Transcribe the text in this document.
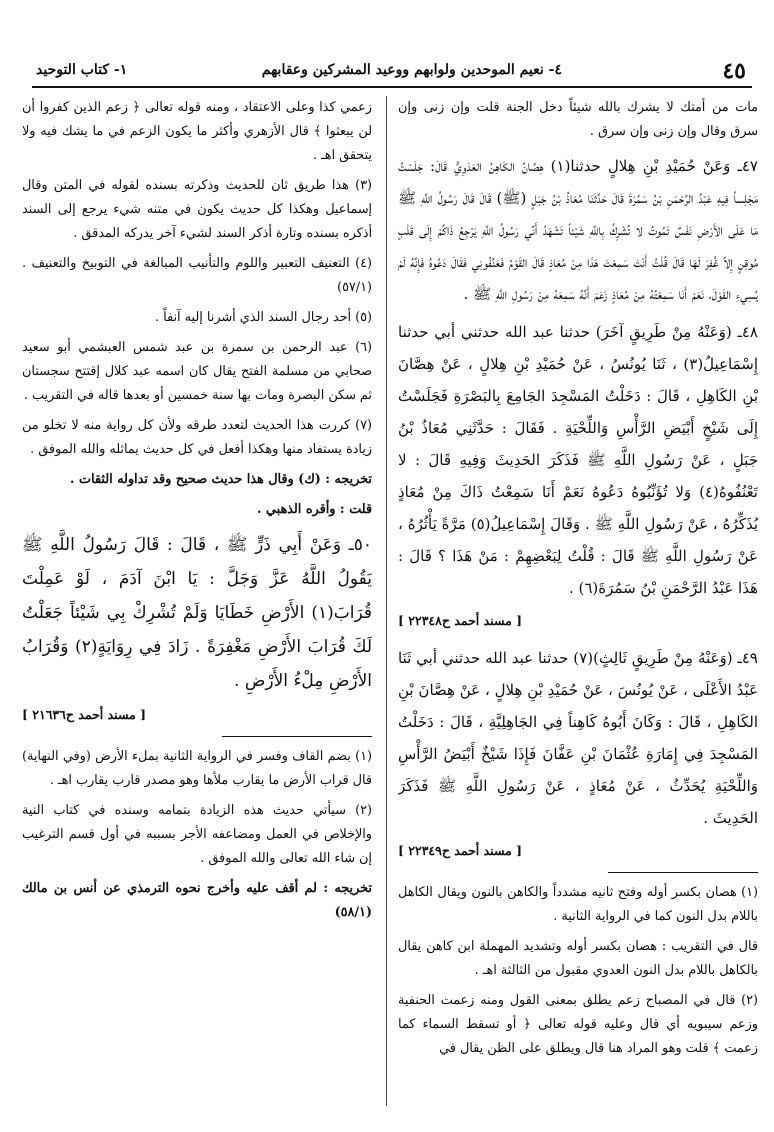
٤٥
٤- نعيم الموحدين ولوابهم ووعيد المشركين وعقابهم
١- كتاب التوحيد

مات من أمتك لا يشرك بالله شيئاً دخل الجنة قلت وإن زنى وإن سرق وقال وإن زنى وإن سرق .

٤٧ـ وَعَنْ حُمَيْدِ بْنِ هِلالٍ حدثنا(١) هِصَّانُ الكَاهِنُ العَدَوِيُّ قَالَ: جَلَسْتُ مَجْلِساً فِيهِ عَبْدُ الرَّحْمَنِ بْنُ سَمُرَةَ قَالَ حَدَّثَنَا مُعَاذُ بْنُ جَبَلٍ (ﷺ) قَالَ قَالَ رَسُولُ اللَّهِ ﷺ مَا عَلَى الأَرْضِ نَفْسٌ تَمُوتُ لا تُشْرِكُ بِاللَّهِ شَيْئاً تَشْهَدُ أَنِّي رَسُولُ اللَّهِ يَرْجِعُ ذَاكُمْ إِلَى قَلْبٍ مُوقِنٍ إِلاَّ غُفِرَ لَهَا قَالَ قُلْتُ أَنْتَ سَمِعْتَ هَذَا مِنْ مُعَاذٍ قَالَ القَوْمُ فَعَنَّفُونِي فَقَالَ دَعُوهُ فَإِنَّهُ لَمْ يُسِيءِ القَوْلَ، نَعَمْ أَنَا سَمِعْتُهُ مِنْ مُعَاذٍ زَعَمَ أَنَّهُ سَمِعَهُ مِنْ رَسُولِ اللَّهِ ﷺ .

٤٨ـ (وَعَنْهُ مِنْ طَرِيقٍ آخَرَ) حدثنا عبد الله حدثني أبي حدثنا إِسْمَاعِيلُ(٣) ، ثَنَا يُونُسُ ، عَنْ حُمَيْدِ بْنِ هِلالٍ ، عَنْ هِصَّانَ بْنِ الكَاهِلِ ، قَالَ : دَخَلْتُ المَسْجِدَ الجَامِعَ بِالبَصْرَةِ فَجَلَسْتُ إِلَى شَيْخٍ أَبْيَضِ الرَّأْسِ وَاللِّحْيَةِ . فَقَالَ : حَدَّثَنِي مُعَاذُ بْنُ جَبَلٍ ، عَنْ رَسُولِ اللَّهِ ﷺ فَذَكَرَ الحَدِيثَ وَفِيهِ قَالَ : لا تَعْنُفُوهُ(٤) وَلا تُؤَنِّبُوهُ دَعُوهُ نَعَمْ أَنَا سَمِعْتُ ذَاكَ مِنْ مُعَاذٍ يُذَكِّرُهُ ، عَنْ رَسُولِ اللَّهِ ﷺ . وَقَالَ إِسْمَاعِيلُ(٥) مَرَّةً يَأْثُرُهُ ، عَنْ رَسُولِ اللَّهِ ﷺ قَالَ : قُلْتُ لِبَعْضِهِمْ : مَنْ هَذَا ؟ قَالَ : هَذَا عَبْدُ الرَّحْمَنِ بْنُ سَمُرَةَ(٦) .

[ مسند أحمد ح٢٢٣٤٨ ]

٤٩ـ (وَعَنْهُ مِنْ طَرِيقٍ ثَالِثٍ)(٧) حدثنا عبد الله حدثني أبي ثَنَا عَبْدُ الأَعْلَى ، عَنْ يُونُسَ ، عَنْ حُمَيْدِ بْنِ هِلالٍ ، عَنْ هِصَّانَ بْنِ الكَاهِلِ ، قَالَ : وَكَانَ أَبُوهُ كَاهِناً فِي الجَاهِلِيَّةِ ، قَالَ : دَخَلْتُ المَسْجِدَ فِي إِمَارَةِ عُثْمَانَ بْنِ عَفَّانَ فَإِذَا شَيْخٌ أَبْيَضُ الرَّأْسِ وَاللِّحْيَةِ يُحَدِّثُ ، عَنْ مُعَاذٍ ، عَنْ رَسُولِ اللَّهِ ﷺ فَذَكَرَ الحَدِيثَ .

[ مسند أحمد ح٢٢٣٤٩ ]

(١) هصان بكسر أوله وفتح ثانيه مشدداً والكاهن بالنون ويقال الكاهل باللام بدل النون كما في الرواية الثانية .

قال في التقريب : هصان بكسر أوله وتشديد المهملة ابن كاهن يقال بالكاهل باللام بدل النون العدوي مقبول من الثالثة اهـ .

(٢) قال في المصباح زعم يطلق بمعنى القول ومنه زعمت الحنفية وزعم سيبويه أي قال وعليه قوله تعالى ﴿ أو تسقط السماء كما زعمت ﴾ قلت وهو المراد هنا قال ويطلق على الظن يقال في

زعمي كذا وعلى الاعتقاد ، ومنه قوله تعالى ﴿ زعم الذين كفروا أن لن يبعثوا ﴾ قال الأزهري وأكثر ما يكون الزعم في ما يشك فيه ولا يتحقق اهـ .

(٣) هذا طريق ثان للحديث وذكرته بسنده لقوله في المتن وقال إسماعيل وهكذا كل حديث يكون في متنه شيء يرجع إلى السند أذكره بسنده وتارة أذكر السند لشيء آخر يدركه المدقق .

(٤) التعنيف التعبير واللوم والتأنيب المبالغة في التوبيخ والتعنيف . (٥٧/١)

(٥) أحد رجال السند الذي أشرنا إليه آنفاً .

(٦) عبد الرحمن بن سمرة بن عبد شمس العبشمي أبو سعيد صحابي من مسلمة الفتح يقال كان اسمه عبد كلال إقتتح سجستان ثم سكن البصرة ومات بها سنة خمسين أو بعدها قاله في التقريب .

(٧) كررت هذا الحديث لتعدد طرقه ولأن كل رواية منه لا تخلو من زيادة يستفاد منها وهكذا أفعل في كل حديث يماثله والله الموفق .

تخريجه : (ك) وقال هذا حديث صحيح وقد تداوله الثقات .

قلت : وأقره الذهبي .

٥٠ـ وَعَنْ أَبِي ذَرٍّ ﷺ ، قَالَ : قَالَ رَسُولُ اللَّهِ ﷺ يَقُولُ اللَّهُ عَزَّ وَجَلَّ : يَا ابْنَ آدَمَ ، لَوْ عَمِلْتَ قُرَابَ(١) الأَرْضِ خَطَايَا وَلَمْ تُشْرِكْ بِي شَيْئاً جَعَلْتُ لَكَ قُرَابَ الأَرْضِ مَغْفِرَةً . زَادَ فِي رِوَايَةٍ(٢) وَقُرَابُ الأَرْضِ مِلْءُ الأَرْضِ .

[ مسند أحمد ح٢١٦٣٦ ]

(١) بضم القاف وفسر في الرواية الثانية بملء الأرض (وفي النهاية) قال قراب الأرض ما يقارب ملأها وهو مصدر قارب يقارب اهـ .

(٢) سيأتي حديث هذه الزيادة بتمامه وسنده في كتاب النية والإخلاص في العمل ومضاعفه الأجر بسببه في أول قسم الترغيب إن شاء الله تعالى والله الموفق .

تخريجه : لم أقف عليه وأخرج نحوه الترمذي عن أنس بن مالك (٥٨/١)
